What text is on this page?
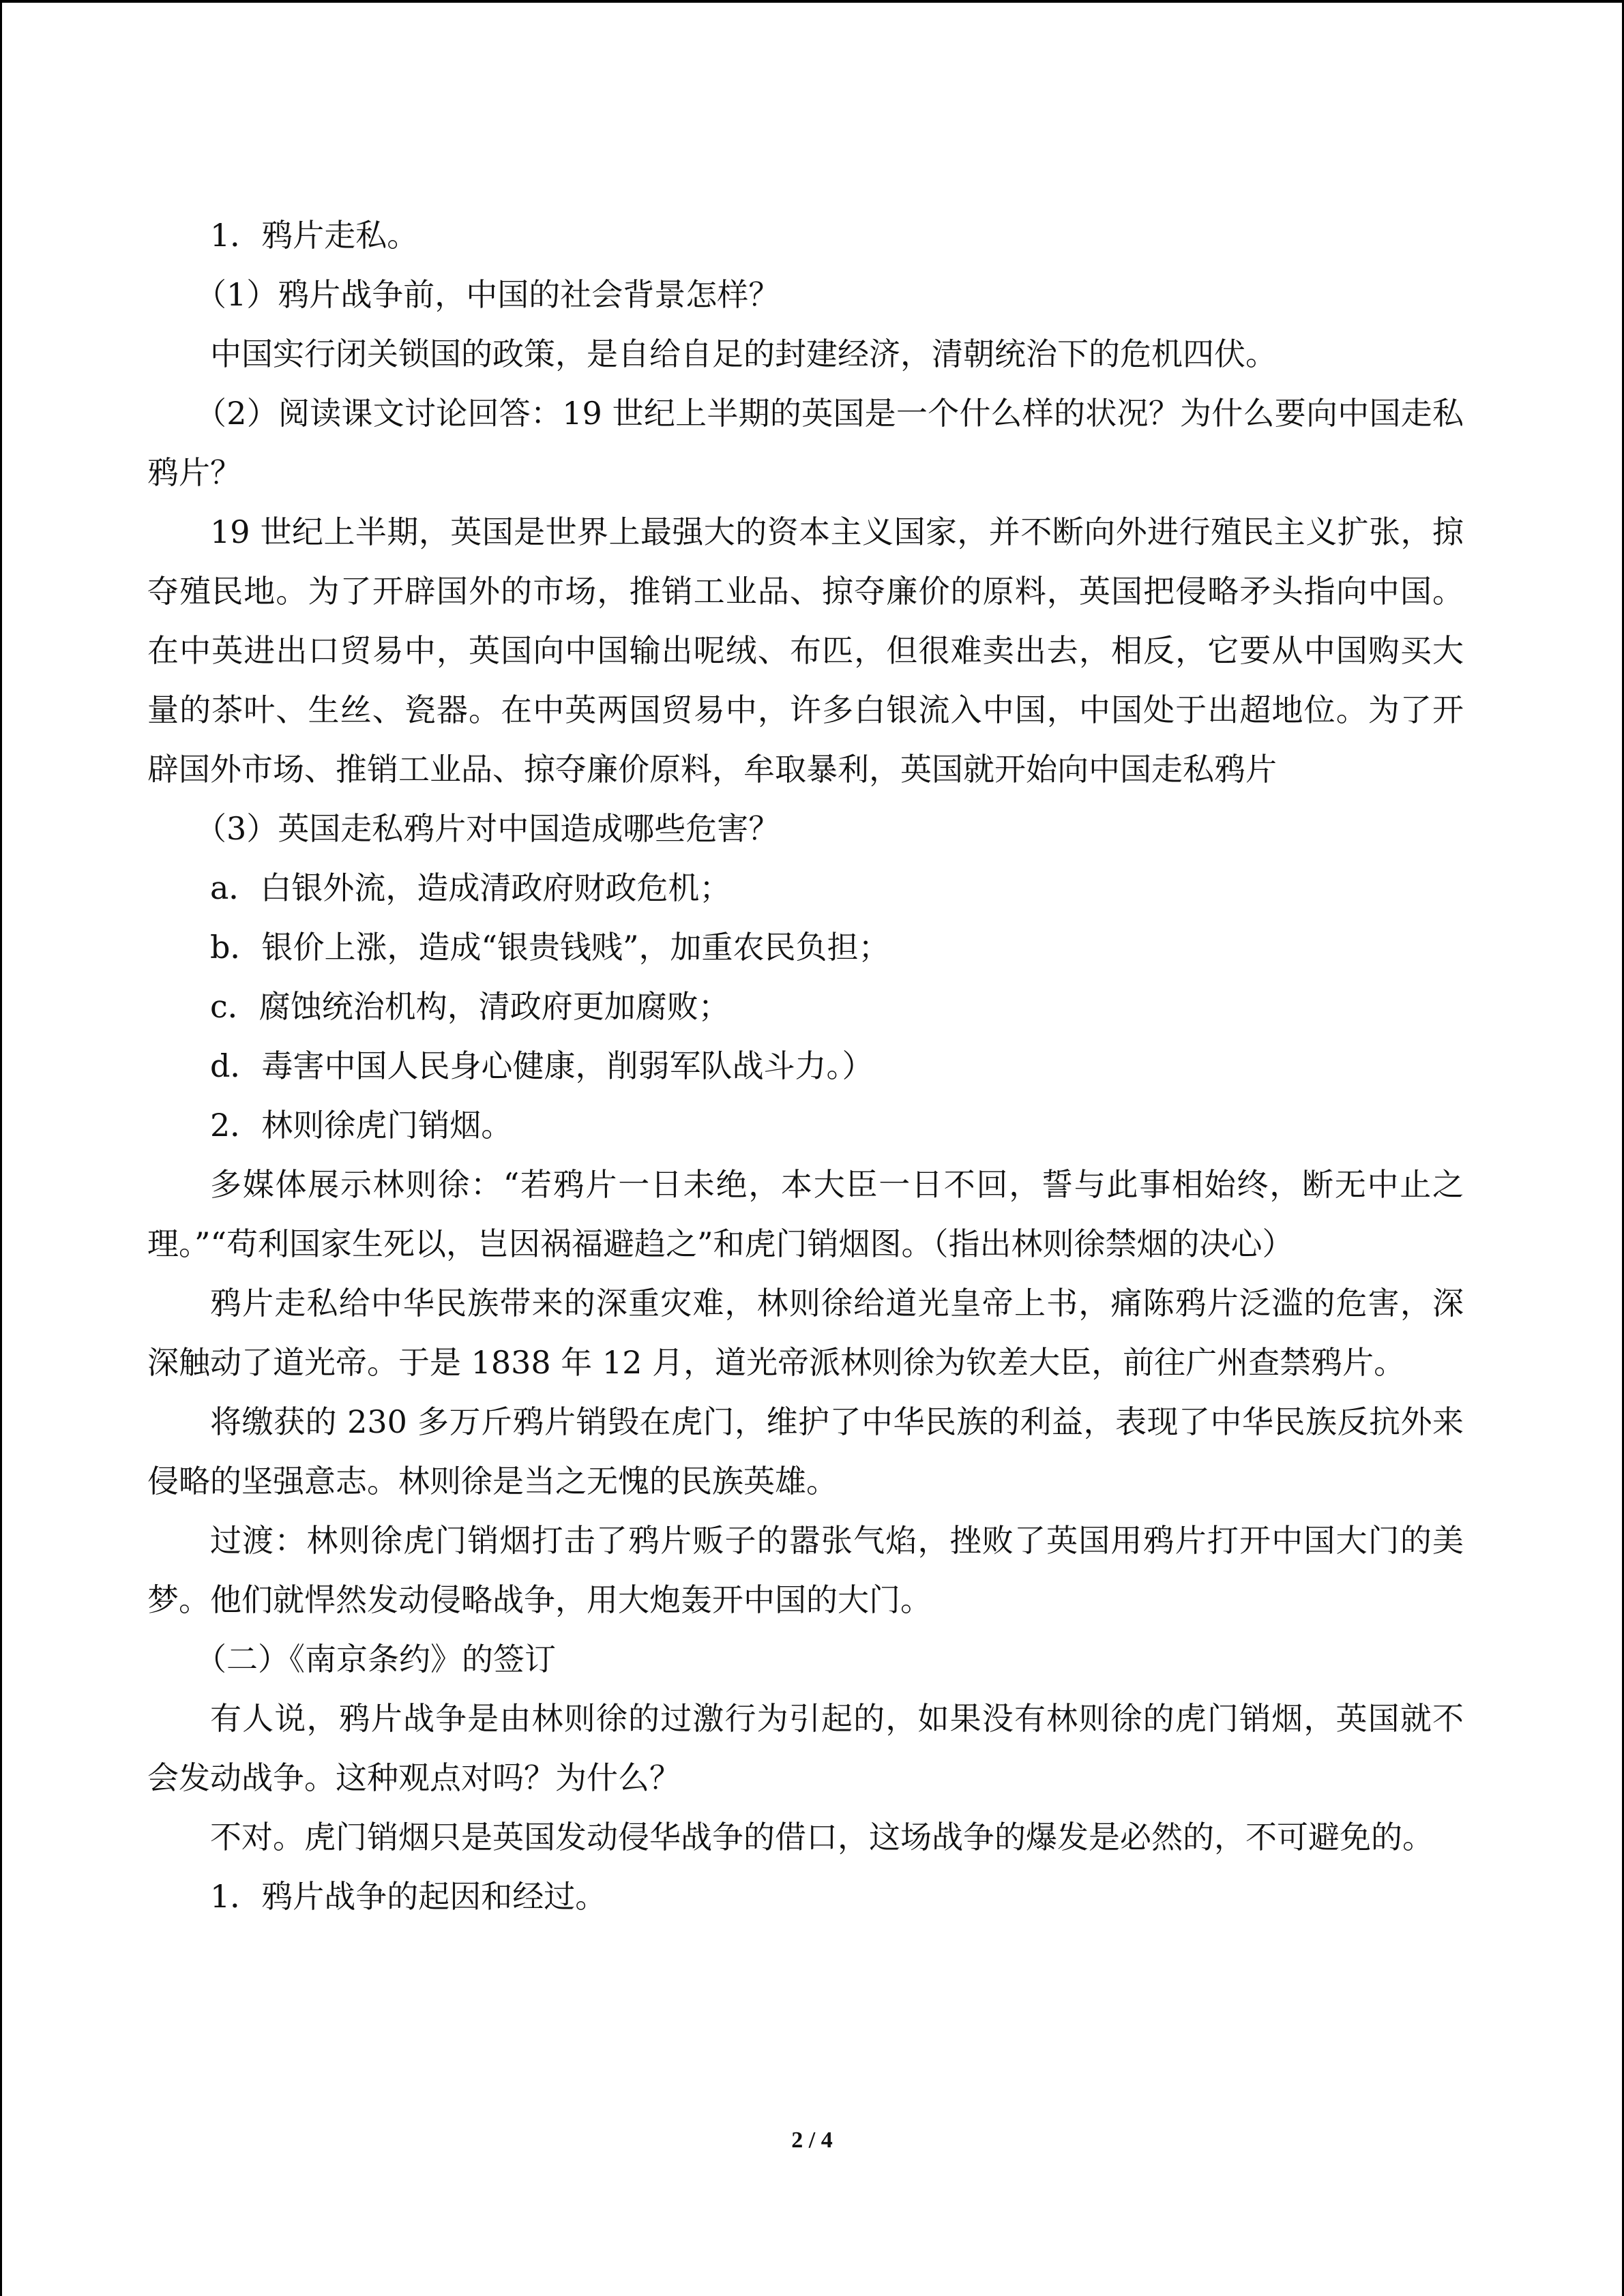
1．鸦片走私。

（1）鸦片战争前，中国的社会背景怎样？

中国实行闭关锁国的政策，是自给自足的封建经济，清朝统治下的危机四伏。

（2）阅读课文讨论回答：19 世纪上半期的英国是一个什么样的状况？为什么要向中国走私鸦片？

19 世纪上半期，英国是世界上最强大的资本主义国家，并不断向外进行殖民主义扩张，掠夺殖民地。为了开辟国外的市场，推销工业品、掠夺廉价的原料，英国把侵略矛头指向中国。在中英进出口贸易中，英国向中国输出呢绒、布匹，但很难卖出去，相反，它要从中国购买大量的茶叶、生丝、瓷器。在中英两国贸易中，许多白银流入中国，中国处于出超地位。为了开辟国外市场、推销工业品、掠夺廉价原料，牟取暴利，英国就开始向中国走私鸦片

（3）英国走私鸦片对中国造成哪些危害？

a．白银外流，造成清政府财政危机；

b．银价上涨，造成“银贵钱贱”，加重农民负担；

c．腐蚀统治机构，清政府更加腐败；

d．毒害中国人民身心健康，削弱军队战斗力。）

2．林则徐虎门销烟。

多媒体展示林则徐：“若鸦片一日未绝，本大臣一日不回，誓与此事相始终，断无中止之理。”“苟利国家生死以，岂因祸福避趋之”和虎门销烟图。（指出林则徐禁烟的决心）

鸦片走私给中华民族带来的深重灾难，林则徐给道光皇帝上书，痛陈鸦片泛滥的危害，深深触动了道光帝。于是 1838 年 12 月，道光帝派林则徐为钦差大臣，前往广州查禁鸦片。

将缴获的 230 多万斤鸦片销毁在虎门，维护了中华民族的利益，表现了中华民族反抗外来侵略的坚强意志。林则徐是当之无愧的民族英雄。

过渡：林则徐虎门销烟打击了鸦片贩子的嚣张气焰，挫败了英国用鸦片打开中国大门的美梦。他们就悍然发动侵略战争，用大炮轰开中国的大门。

（二）《南京条约》的签订

有人说，鸦片战争是由林则徐的过激行为引起的，如果没有林则徐的虎门销烟，英国就不会发动战争。这种观点对吗？为什么？

不对。虎门销烟只是英国发动侵华战争的借口，这场战争的爆发是必然的，不可避免的。

1．鸦片战争的起因和经过。

2 / 4
